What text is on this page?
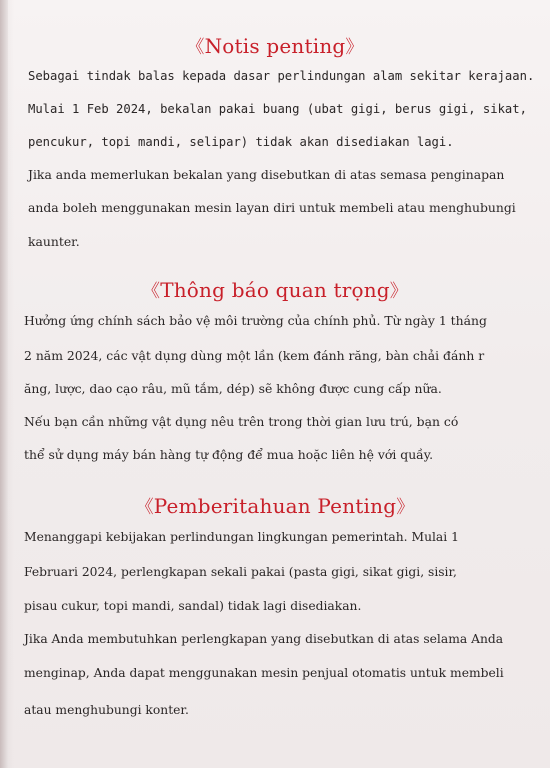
《Notis penting》
Sebagai tindak balas kepada dasar perlindungan alam sekitar kerajaan.
Mulai 1 Feb 2024, bekalan pakai buang (ubat gigi, berus gigi, sikat,
pencukur, topi mandi, selipar) tidak akan disediakan lagi.
Jika anda memerlukan bekalan yang disebutkan di atas semasa penginapan
anda boleh menggunakan mesin layan diri untuk membeli atau menghubungi
kaunter.
《Thông báo quan trọng》
Hưởng ứng chính sách bảo vệ môi trường của chính phủ. Từ ngày 1 tháng
2 năm 2024, các vật dụng dùng một lần (kem đánh răng, bàn chải đánh r
ăng, lược, dao cạo râu, mũ tắm, dép) sẽ không được cung cấp nữa.
Nếu bạn cần những vật dụng nêu trên trong thời gian lưu trú, bạn có
thể sử dụng máy bán hàng tự động để mua hoặc liên hệ với quầy.
《Pemberitahuan Penting》
Menanggapi kebijakan perlindungan lingkungan pemerintah. Mulai 1
Februari 2024, perlengkapan sekali pakai (pasta gigi, sikat gigi, sisir,
pisau cukur, topi mandi, sandal) tidak lagi disediakan.
Jika Anda membutuhkan perlengkapan yang disebutkan di atas selama Anda
menginap, Anda dapat menggunakan mesin penjual otomatis untuk membeli
atau menghubungi konter.
